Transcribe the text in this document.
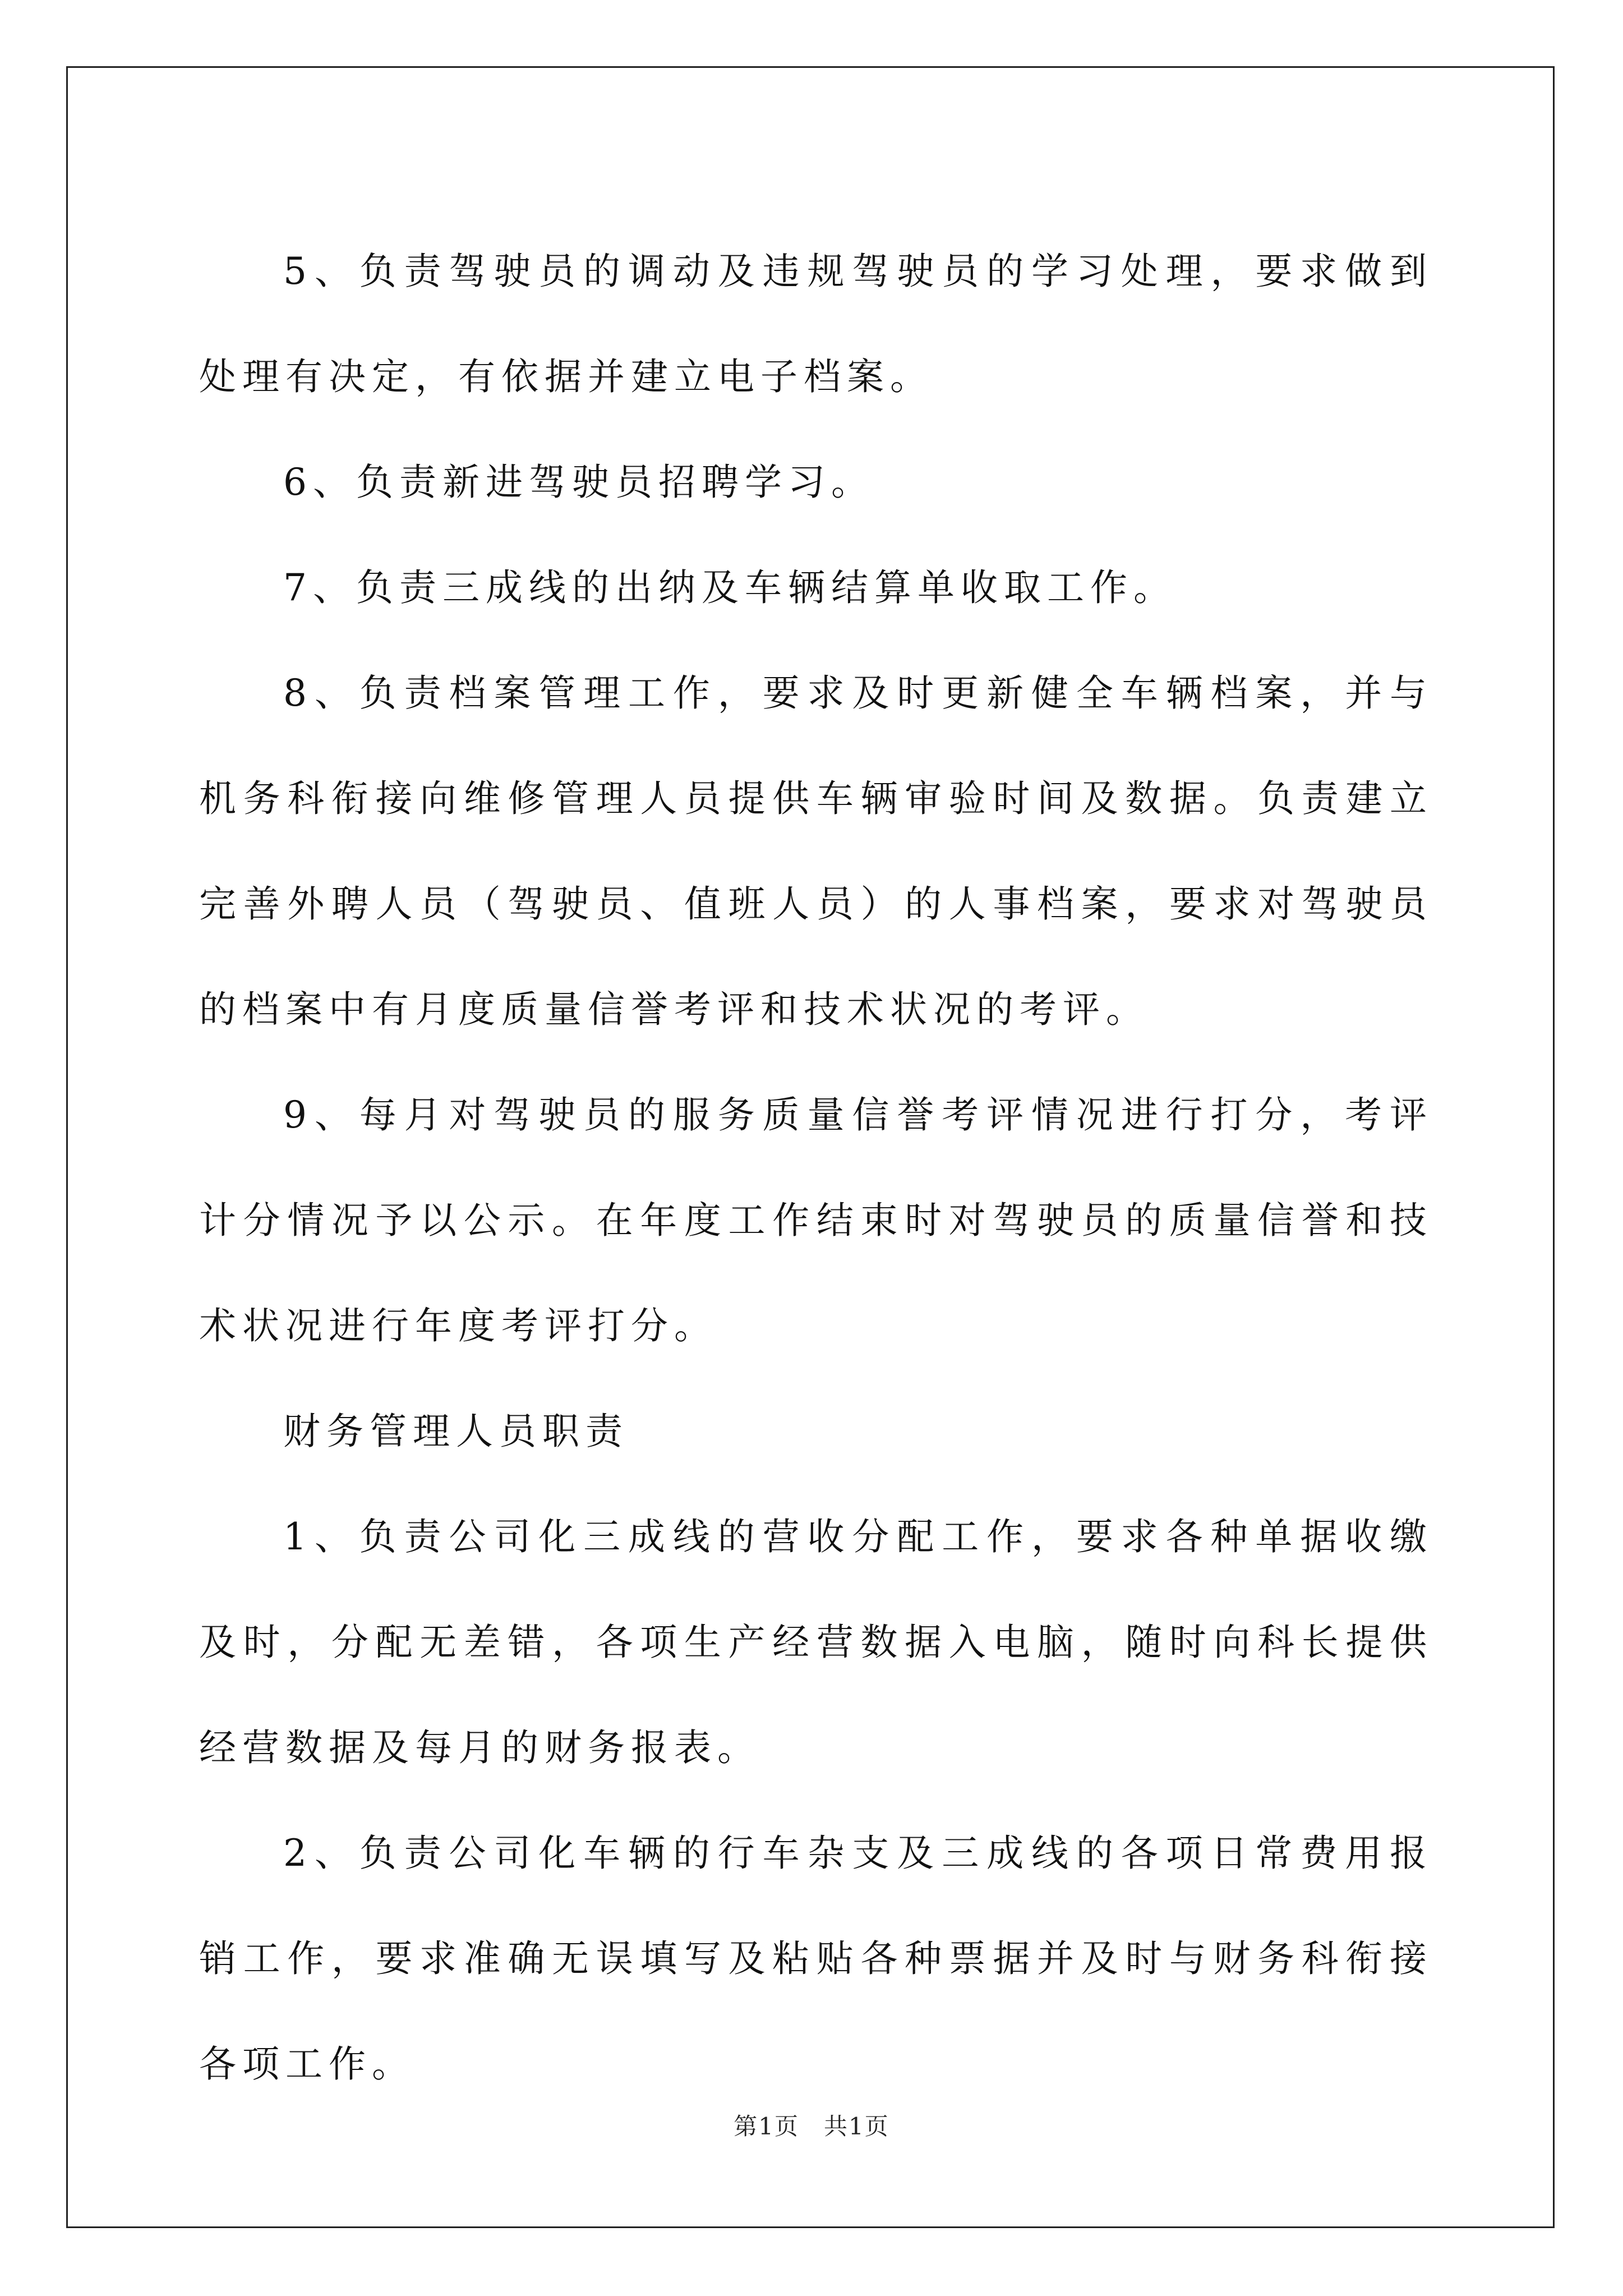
5、负责驾驶员的调动及违规驾驶员的学习处理，要求做到处理有决定，有依据并建立电子档案。

6、负责新进驾驶员招聘学习。

7、负责三成线的出纳及车辆结算单收取工作。

8、负责档案管理工作，要求及时更新健全车辆档案，并与机务科衔接向维修管理人员提供车辆审验时间及数据。负责建立完善外聘人员（驾驶员、值班人员）的人事档案，要求对驾驶员的档案中有月度质量信誉考评和技术状况的考评。

9、每月对驾驶员的服务质量信誉考评情况进行打分，考评计分情况予以公示。在年度工作结束时对驾驶员的质量信誉和技术状况进行年度考评打分。

财务管理人员职责

1、负责公司化三成线的营收分配工作，要求各种单据收缴及时，分配无差错，各项生产经营数据入电脑，随时向科长提供经营数据及每月的财务报表。

2、负责公司化车辆的行车杂支及三成线的各项日常费用报销工作，要求准确无误填写及粘贴各种票据并及时与财务科衔接各项工作。

第1页　共1页
